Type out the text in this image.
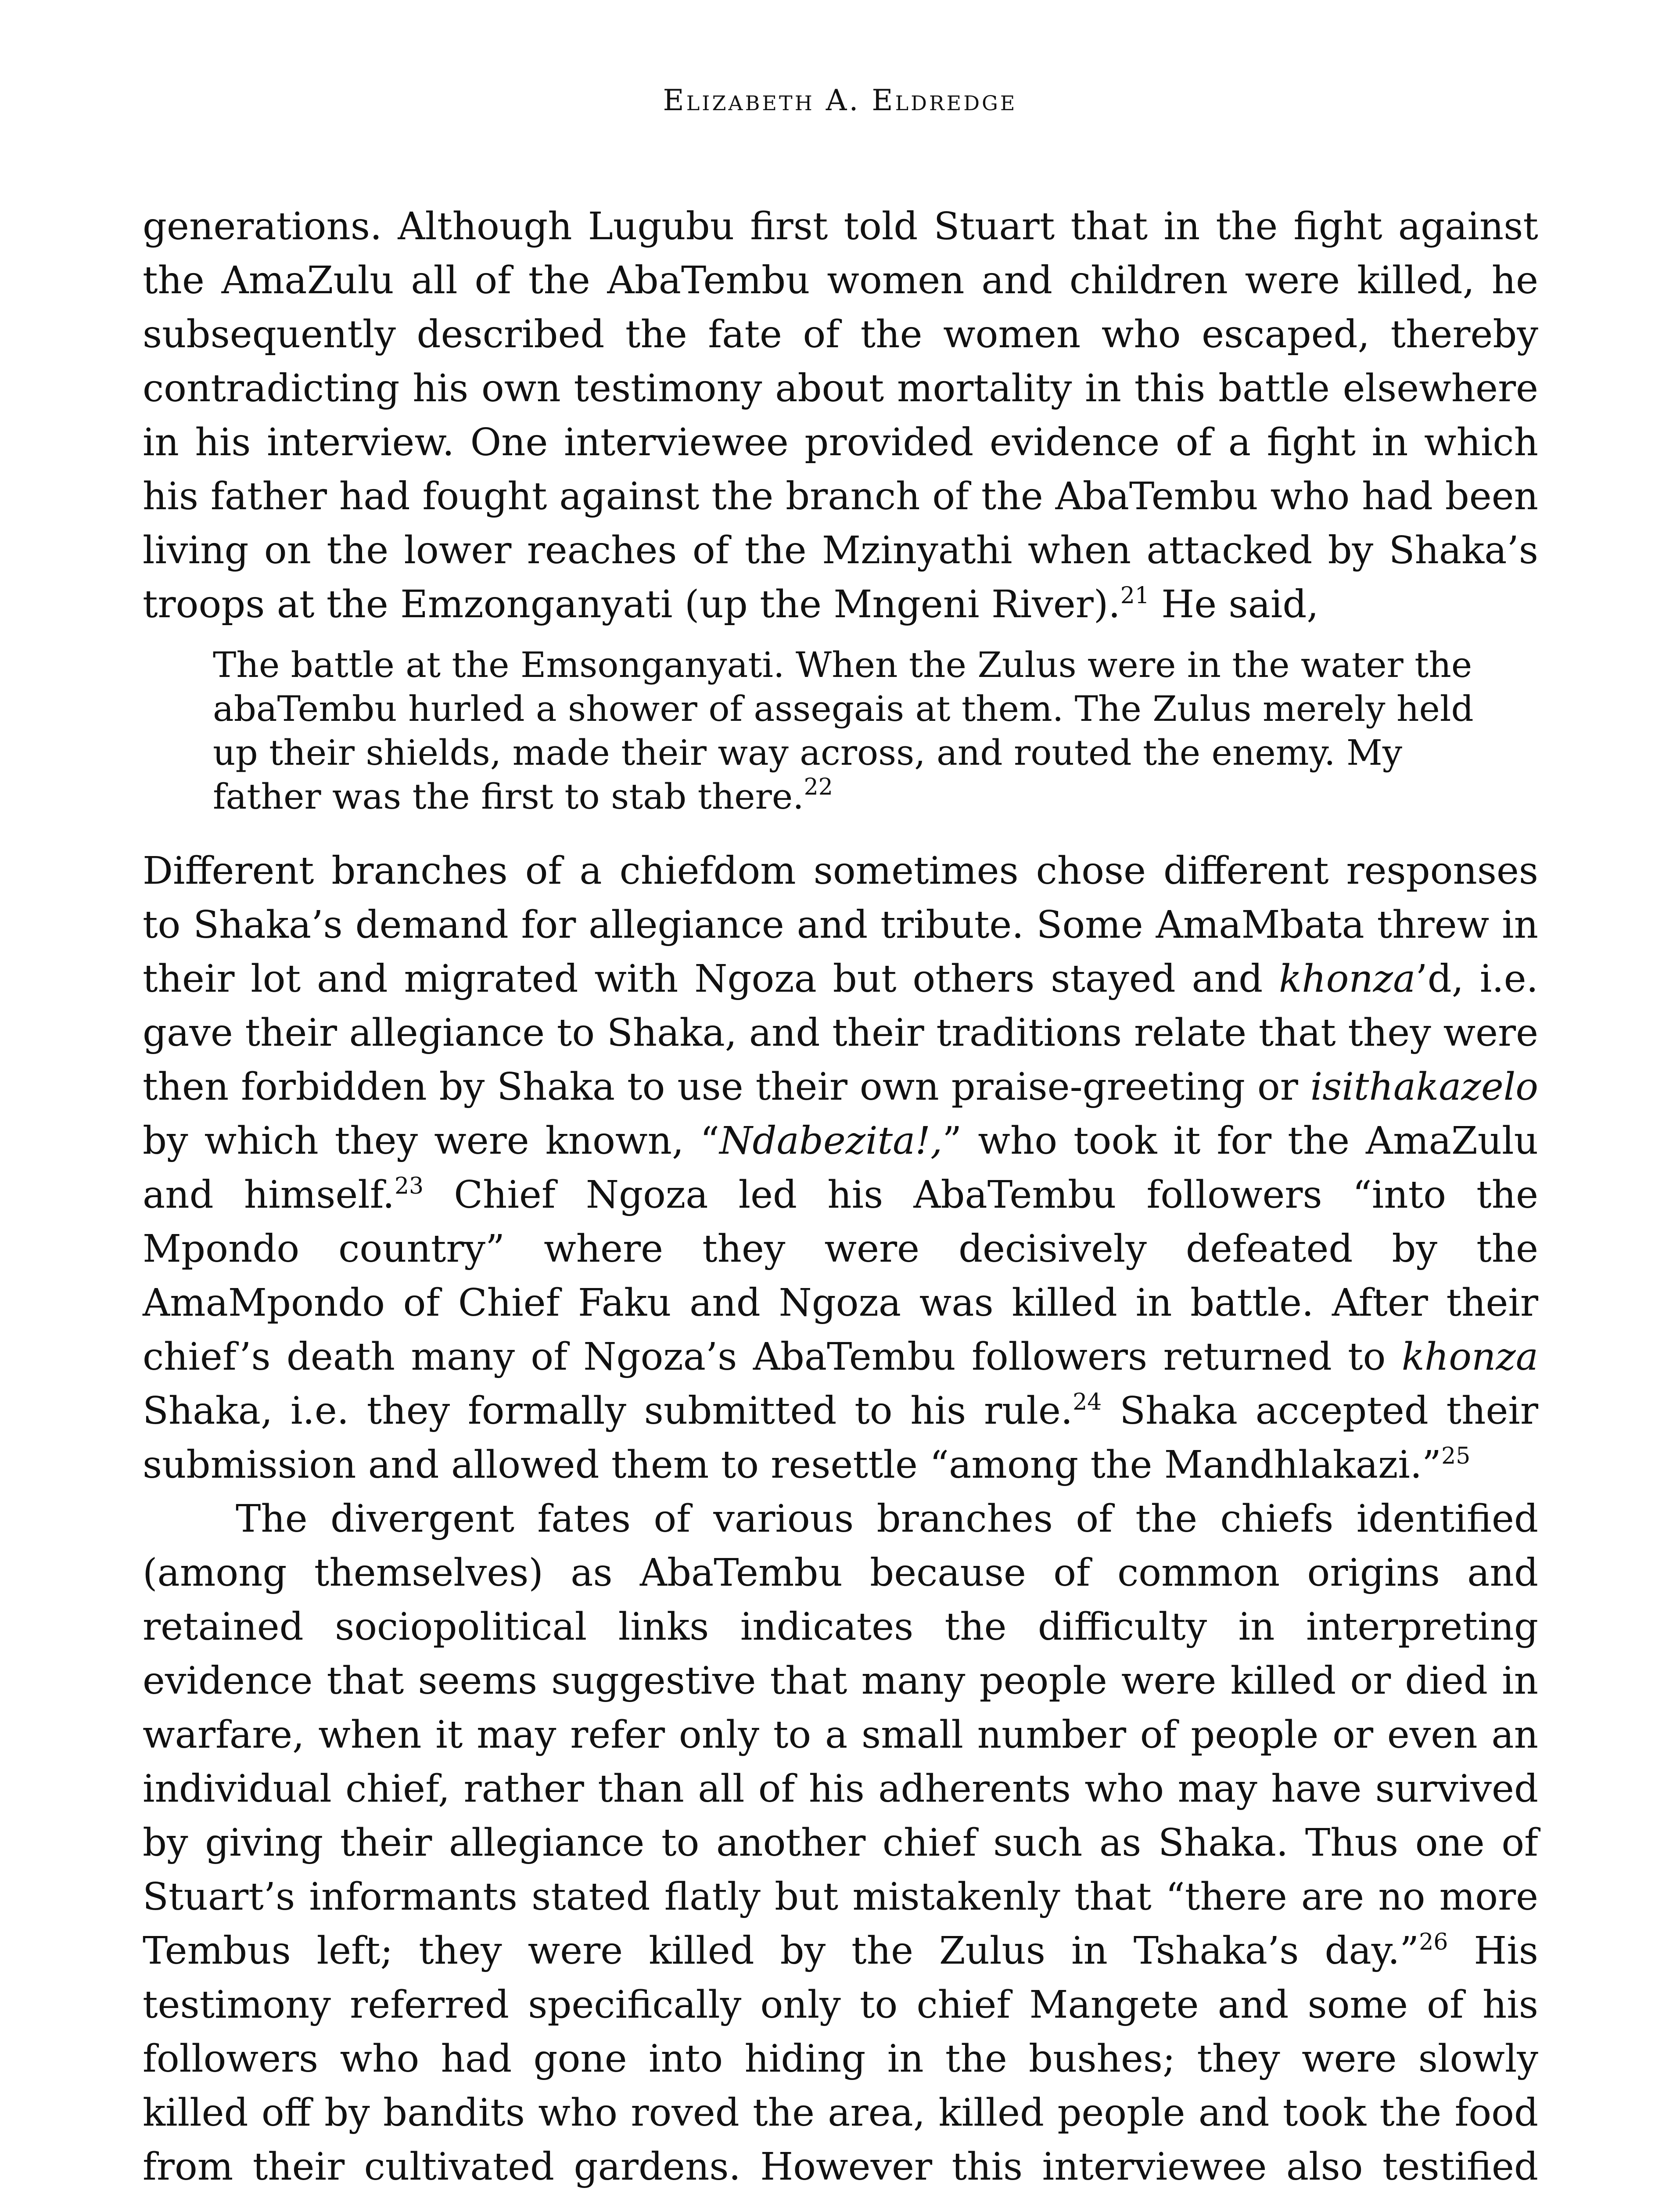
Elizabeth A. Eldredge

generations. Although Lugubu first told Stuart that in the fight against the AmaZulu all of the AbaTembu women and children were killed, he subsequently described the fate of the women who escaped, thereby contradicting his own testimony about mortality in this battle elsewhere in his interview. One interviewee provided evidence of a fight in which his father had fought against the branch of the AbaTembu who had been living on the lower reaches of the Mzinyathi when attacked by Shaka’s troops at the Emzonganyati (up the Mngeni River).$^{21}$ He said,

The battle at the Emsonganyati. When the Zulus were in the water the abaTembu hurled a shower of assegais at them. The Zulus merely held up their shields, made their way across, and routed the enemy. My father was the first to stab there.$^{22}$

Different branches of a chiefdom sometimes chose different responses to Shaka’s demand for allegiance and tribute. Some AmaMbata threw in their lot and migrated with Ngoza but others stayed and khonza’d, i.e. gave their allegiance to Shaka, and their traditions relate that they were then forbidden by Shaka to use their own praise-greeting or isithakazelo by which they were known, “Ndabezita!,” who took it for the AmaZulu and himself.$^{23}$ Chief Ngoza led his AbaTembu followers “into the Mpondo country” where they were decisively defeated by the AmaMpondo of Chief Faku and Ngoza was killed in battle. After their chief’s death many of Ngoza’s AbaTembu followers returned to khonza Shaka, i.e. they formally submitted to his rule.$^{24}$ Shaka accepted their submission and allowed them to resettle “among the Mandhlakazi.”$^{25}$

The divergent fates of various branches of the chiefs identified (among themselves) as AbaTembu because of common origins and retained sociopolitical links indicates the difficulty in interpreting evidence that seems suggestive that many people were killed or died in warfare, when it may refer only to a small number of people or even an individual chief, rather than all of his adherents who may have survived by giving their allegiance to another chief such as Shaka. Thus one of Stuart’s informants stated flatly but mistakenly that “there are no more Tembus left; they were killed by the Zulus in Tshaka’s day.”$^{26}$ His testimony referred specifically only to chief Mangete and some of his followers who had gone into hiding in the bushes; they were slowly killed off by bandits who roved the area, killed people and took the food from their cultivated gardens. However this interviewee also testified
